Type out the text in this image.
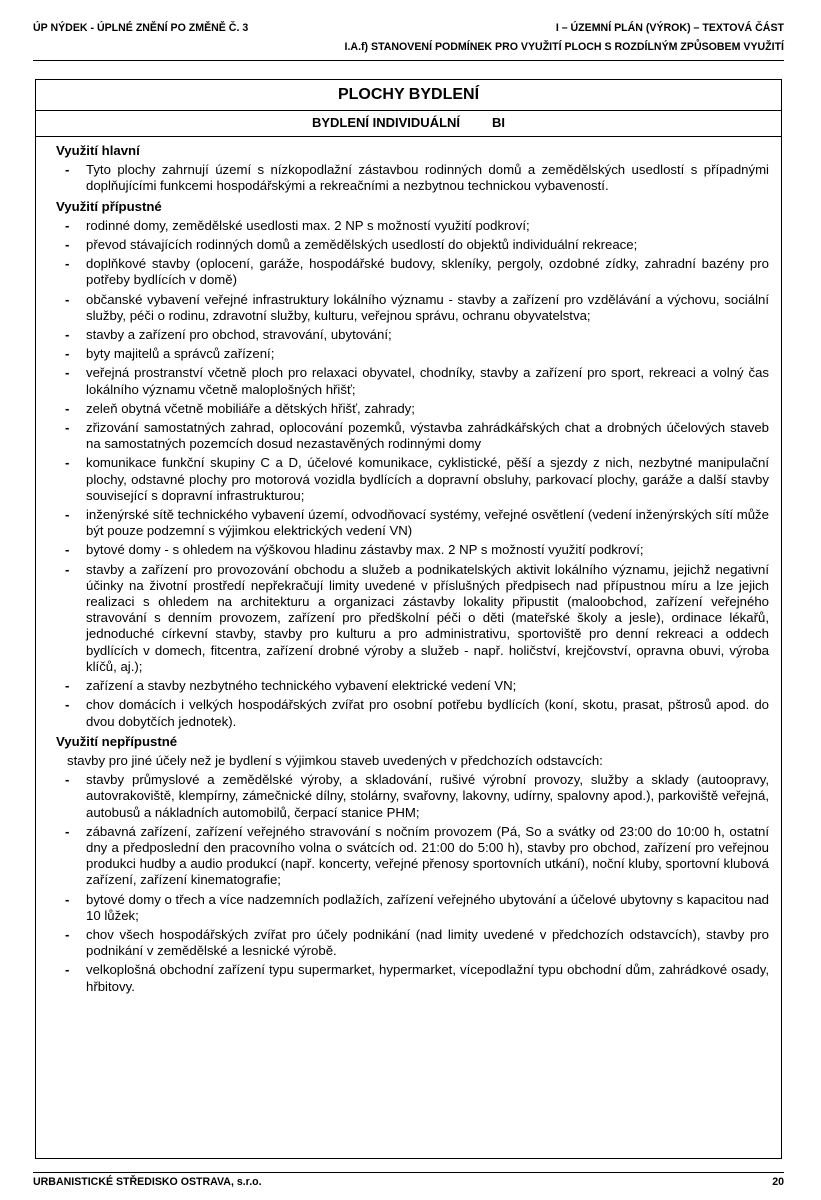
ÚP NÝDEK - ÚPLNÉ ZNĚNÍ PO ZMĚNĚ Č. 3	I – ÚZEMNÍ PLÁN (VÝROK) – TEXTOVÁ ČÁST
I.A.f) STANOVENÍ PODMÍNEK PRO VYUŽITÍ PLOCH S ROZDÍLNÝM ZPŮSOBEM VYUŽITÍ
PLOCHY BYDLENÍ
BYDLENÍ INDIVIDUÁLNÍ BI
Využití hlavní
-	Tyto plochy zahrnují území s nízkopodlažní zástavbou rodinných domů a zemědělských usedlostí s případnými doplňujícími funkcemi hospodářskými a rekreačními a nezbytnou technickou vybaveností.
Využití přípustné
-	rodinné domy, zemědělské usedlosti max. 2 NP s možností využití podkroví;
-	převod stávajících rodinných domů a zemědělských usedlostí do objektů individuální rekreace;
-	doplňkové stavby (oplocení, garáže, hospodářské budovy, skleníky, pergoly, ozdobné zídky, zahradní bazény pro potřeby bydlících v domě)
-	občanské vybavení veřejné infrastruktury lokálního významu - stavby a zařízení pro vzdělávání a výchovu, sociální služby, péči o rodinu, zdravotní služby, kulturu, veřejnou správu, ochranu obyvatelstva;
-	stavby a zařízení pro obchod, stravování, ubytování;
-	byty majitelů a správců zařízení;
-	veřejná prostranství včetně ploch pro relaxaci obyvatel, chodníky, stavby a zařízení pro sport, rekreaci a volný čas lokálního významu včetně maloplošných hřišť;
-	zeleň obytná včetně mobiliáře a dětských hřišť, zahrady;
-	zřizování samostatných zahrad, oplocování pozemků, výstavba zahrádkářských chat a drobných účelových staveb na samostatných pozemcích dosud nezastavěných rodinnými domy
-	komunikace funkční skupiny C a D, účelové komunikace, cyklistické, pěší a sjezdy z nich, nezbytné manipulační plochy, odstavné plochy pro motorová vozidla bydlících a dopravní obsluhy, parkovací plochy, garáže a další stavby související s dopravní infrastrukturou;
-	inženýrské sítě technického vybavení území, odvodňovací systémy, veřejné osvětlení (vedení inženýrských sítí může být pouze podzemní s výjimkou elektrických vedení VN)
-	bytové domy - s ohledem na výškovou hladinu zástavby max. 2 NP s možností využití podkroví;
-	stavby a zařízení pro provozování obchodu a služeb a podnikatelských aktivit lokálního významu, jejichž negativní účinky na životní prostředí nepřekračují limity uvedené v příslušných předpisech nad přípustnou míru a lze jejich realizaci s ohledem na architekturu a organizaci zástavby lokality připustit (maloobchod, zařízení veřejného stravování s denním provozem, zařízení pro předškolní péči o děti (mateřské školy a jesle), ordinace lékařů, jednoduché církevní stavby, stavby pro kulturu a pro administrativu, sportoviště pro denní rekreaci a oddech bydlících v domech, fitcentra, zařízení drobné výroby a služeb - např. holičství, krejčovství, opravna obuvi, výroba klíčů, aj.);
-	zařízení a stavby nezbytného technického vybavení elektrické vedení VN;
-	chov domácích i velkých hospodářských zvířat pro osobní potřebu bydlících (koní, skotu, prasat, pštrosů apod. do dvou dobytčích jednotek).
Využití nepřípustné
stavby pro jiné účely než je bydlení s výjimkou staveb uvedených v předchozích odstavcích:
-	stavby průmyslové a zemědělské výroby, a skladování, rušivé výrobní provozy, služby a sklady (autoopravy, autovrakoviště, klempírny, zámečnické dílny, stolárny, svařovny, lakovny, udírny, spalovny apod.), parkoviště veřejná, autobusů a nákladních automobilů, čerpací stanice PHM;
-	zábavná zařízení, zařízení veřejného stravování s nočním provozem (Pá, So a svátky od 23:00 do 10:00 h, ostatní dny a předposlední den pracovního volna o svátcích od. 21:00 do 5:00 h), stavby pro obchod, zařízení pro veřejnou produkci hudby a audio produkcí (např. koncerty, veřejné přenosy sportovních utkání), noční kluby, sportovní klubová zařízení, zařízení kinematografie;
-	bytové domy o třech a více nadzemních podlažích, zařízení veřejného ubytování a účelové ubytovny s kapacitou nad 10 lůžek;
-	chov všech hospodářských zvířat pro účely podnikání (nad limity uvedené v předchozích odstavcích), stavby pro podnikání v zemědělské a lesnické výrobě.
-	velkoplošná obchodní zařízení typu supermarket, hypermarket, vícepodlažní typu obchodní dům, zahrádkové osady, hřbitovy.
URBANISTICKÉ STŘEDISKO OSTRAVA, s.r.o.	20
